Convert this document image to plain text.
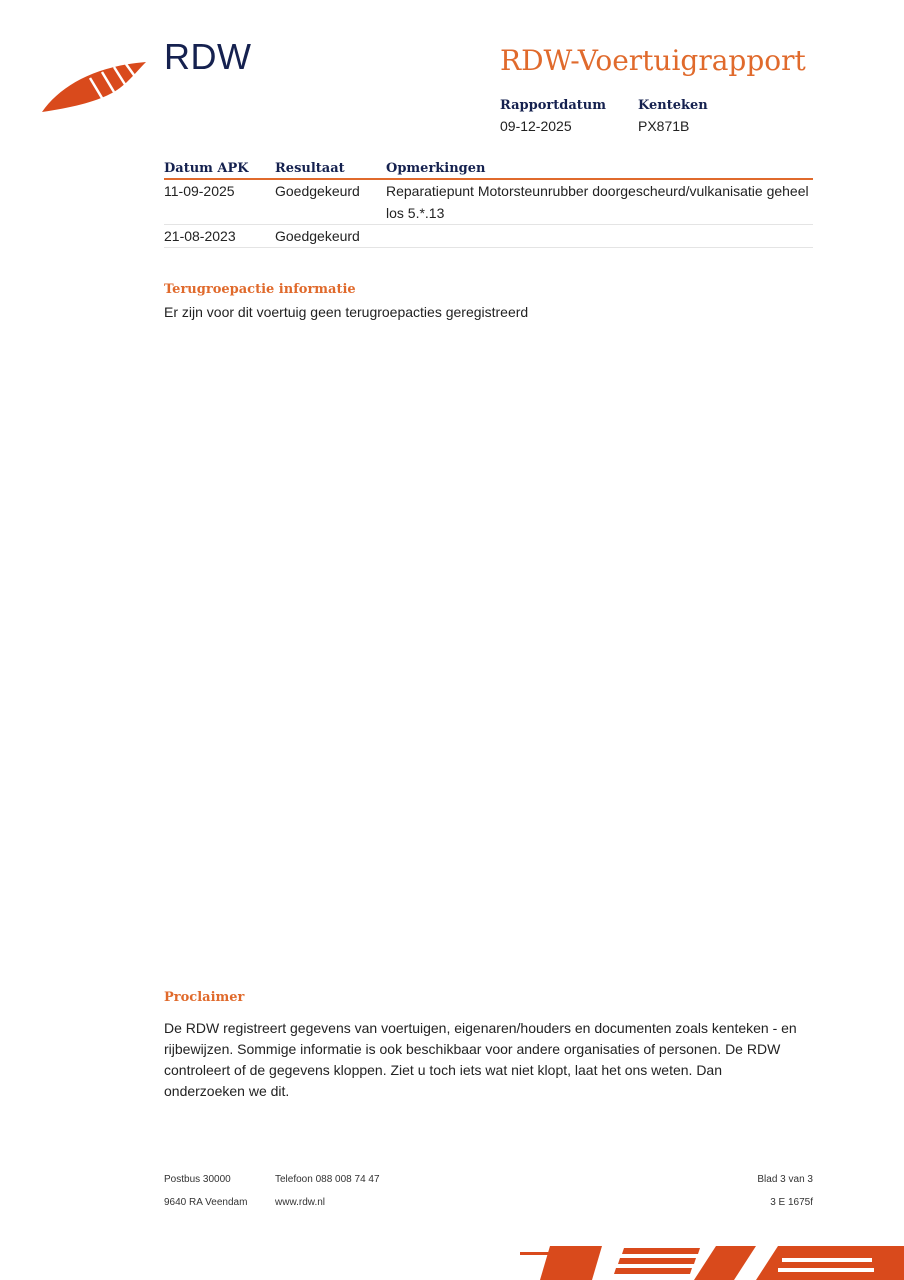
RDW	RDW-Voertuigrapport
Rapportdatum
09-12-2025
Kenteken
PX871B
Datum APK	Resultaat	Opmerkingen
11-09-2025	Goedgekeurd	Reparatiepunt Motorsteunrubber doorgescheurd/vulkanisatie geheel
los 5.*.13

21-08-2023	Goedgekeurd	
Terugroepactie informatie
Er zijn voor dit voertuig geen terugroepacties geregistreerd
Proclaimer
De RDW registreert gegevens van voertuigen, eigenaren/houders en documenten zoals kenteken - en rijbewijzen. Sommige informatie is ook beschikbaar voor andere organisaties of personen. De RDW controleert of de gegevens kloppen. Ziet u toch iets wat niet klopt, laat het ons weten. Dan onderzoeken we dit.
Postbus 30000
9640 RA Veendam
Telefoon 088 008 74 47
www.rdw.nl
Blad 3 van 3
3 E 1675f
